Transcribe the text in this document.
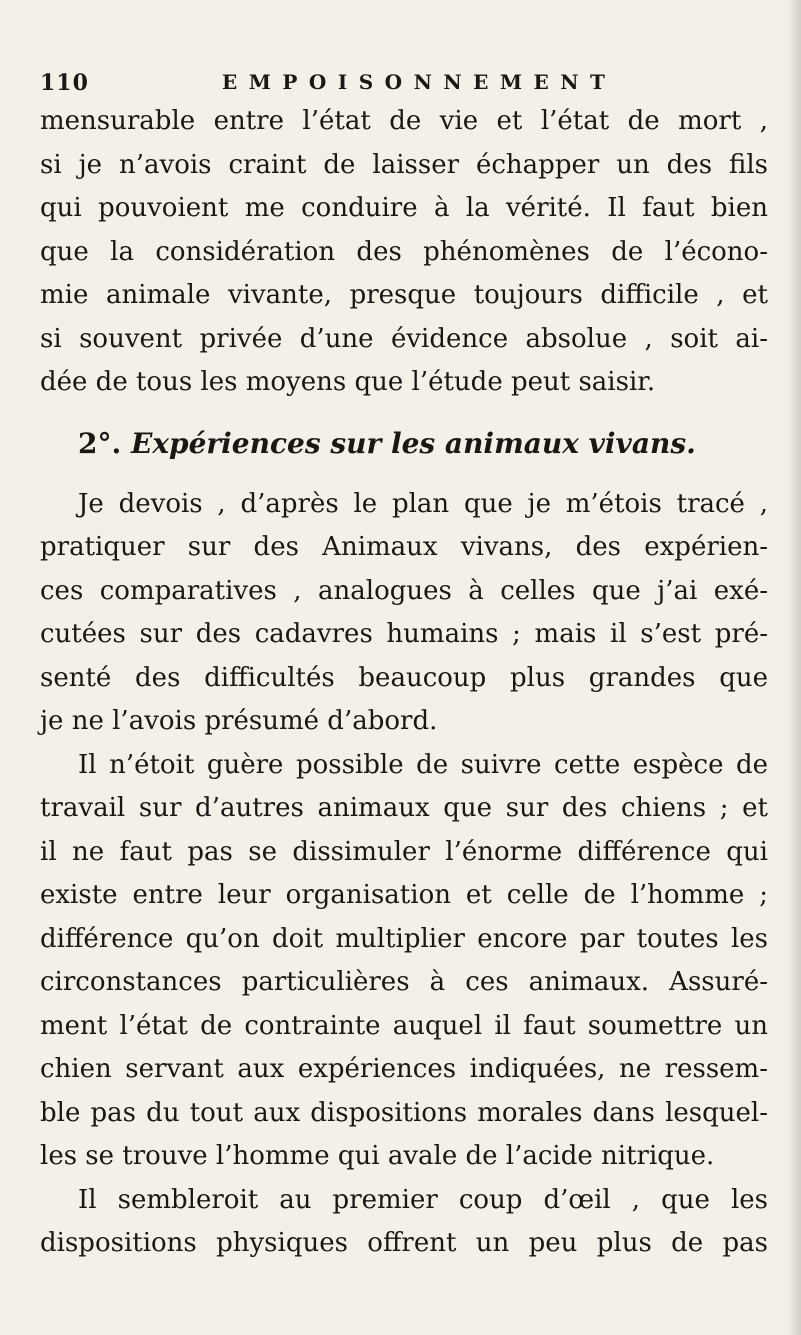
110	EMPOISONNEMENT
mensurable entre l’état de vie et l’état de mort ,
si je n’avois craint de laisser échapper un des fils
qui pouvoient me conduire à la vérité. Il faut bien
que la considération des phénomènes de l’écono-
mie animale vivante, presque toujours difficile , et
si souvent privée d’une évidence absolue , soit ai-
dée de tous les moyens que l’étude peut saisir.
2°. Expériences sur les animaux vivans.
Je devois , d’après le plan que je m’étois tracé ,
pratiquer sur des Animaux vivans, des expérien-
ces comparatives , analogues à celles que j’ai exé-
cutées sur des cadavres humains ; mais il s’est pré-
senté des difficultés beaucoup plus grandes que
je ne l’avois présumé d’abord.
Il n’étoit guère possible de suivre cette espèce de
travail sur d’autres animaux que sur des chiens ; et
il ne faut pas se dissimuler l’énorme différence qui
existe entre leur organisation et celle de l’homme ;
différence qu’on doit multiplier encore par toutes les
circonstances particulières à ces animaux. Assuré-
ment l’état de contrainte auquel il faut soumettre un
chien servant aux expériences indiquées, ne ressem-
ble pas du tout aux dispositions morales dans lesquel-
les se trouve l’homme qui avale de l’acide nitrique.
Il sembleroit au premier coup d’œil , que les
dispositions physiques offrent un peu plus de pas
